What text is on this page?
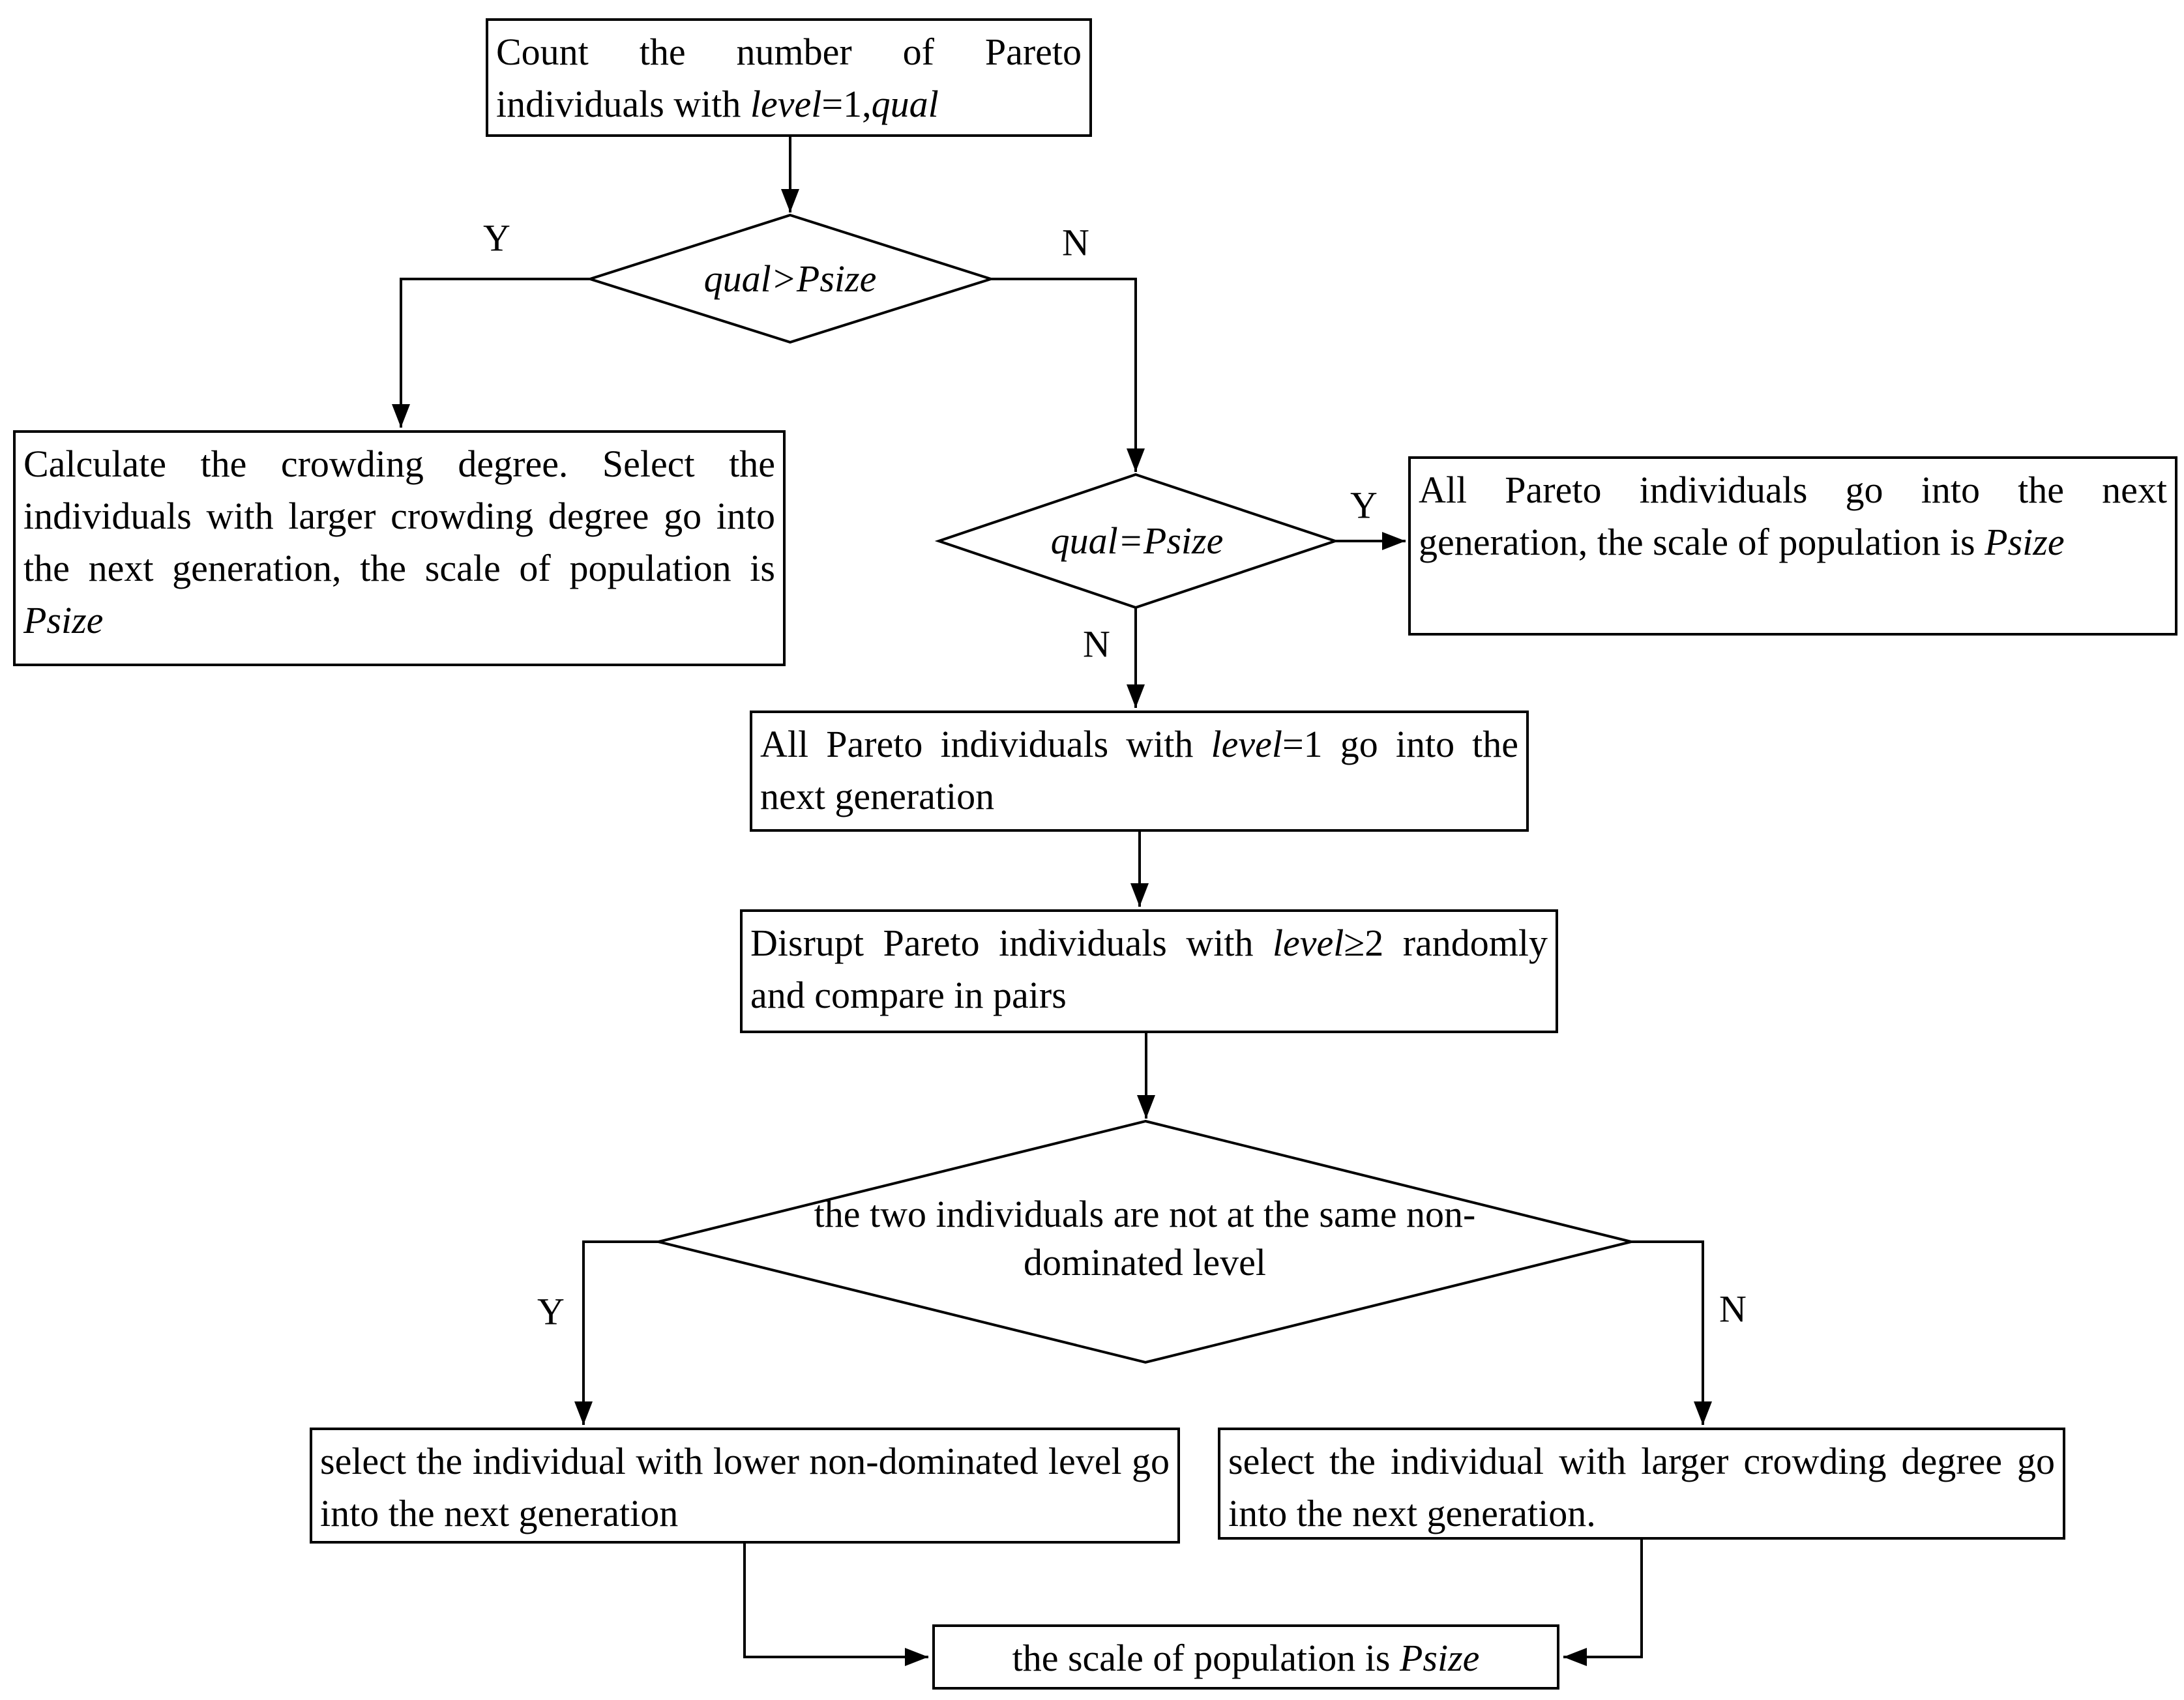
Count the number of Pareto individuals with level=1,qual
Calculate the crowding degree. Select the individuals with larger crowding degree go into the next generation, the scale of population is Psize
All Pareto individuals go into the next generation, the scale of population is Psize
All Pareto individuals with level=1 go into the next generation
Disrupt Pareto individuals with level≥2 randomly and compare in pairs
select the individual with lower non-dominated level go into the next generation
select the individual with larger crowding degree go into the next generation.
the scale of population is Psize
qual>Psize
qual=Psize
the two individuals are not at the same non-dominated level
Y	N
Y
N
Y	N
